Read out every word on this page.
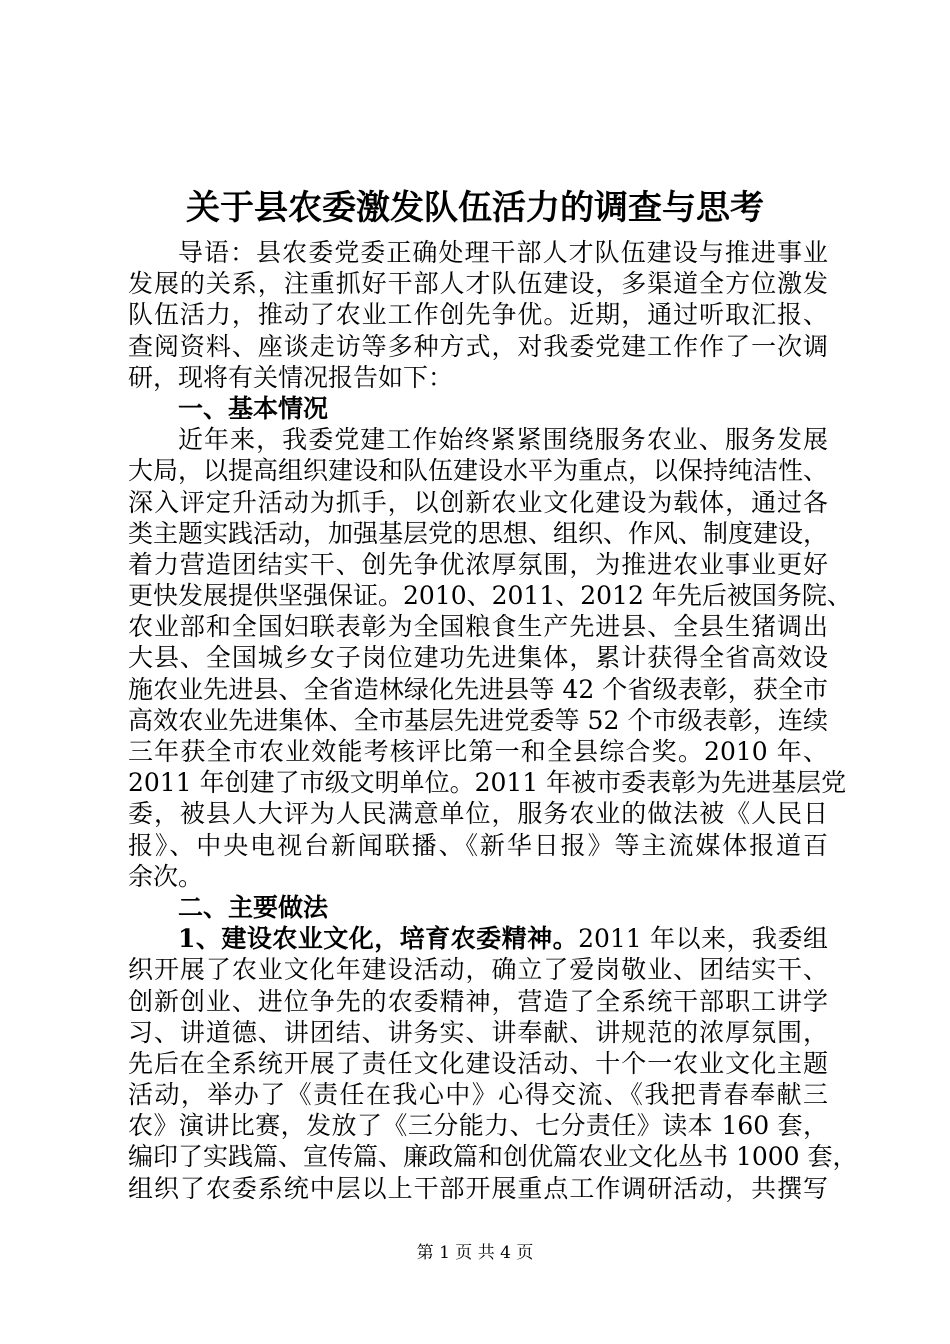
关于县农委激发队伍活力的调查与思考
导语：县农委党委正确处理干部人才队伍建设与推进事业
发展的关系，注重抓好干部人才队伍建设，多渠道全方位激发
队伍活力，推动了农业工作创先争优。近期，通过听取汇报、
查阅资料、座谈走访等多种方式，对我委党建工作作了一次调
研，现将有关情况报告如下：
一、基本情况
近年来，我委党建工作始终紧紧围绕服务农业、服务发展
大局，以提高组织建设和队伍建设水平为重点，以保持纯洁性、
深入评定升活动为抓手，以创新农业文化建设为载体，通过各
类主题实践活动，加强基层党的思想、组织、作风、制度建设，
着力营造团结实干、创先争优浓厚氛围，为推进农业事业更好
更快发展提供坚强保证。2010、2011、2012 年先后被国务院、
农业部和全国妇联表彰为全国粮食生产先进县、全县生猪调出
大县、全国城乡女子岗位建功先进集体，累计获得全省高效设
施农业先进县、全省造林绿化先进县等 42 个省级表彰，获全市
高效农业先进集体、全市基层先进党委等 52 个市级表彰，连续
三年获全市农业效能考核评比第一和全县综合奖。2010 年、
2011 年创建了市级文明单位。2011 年被市委表彰为先进基层党
委，被县人大评为人民满意单位，服务农业的做法被《人民日
报》、中央电视台新闻联播、《新华日报》等主流媒体报道百
余次。
二、主要做法
1、建设农业文化，培育农委精神。2011 年以来，我委组
织开展了农业文化年建设活动，确立了爱岗敬业、团结实干、
创新创业、进位争先的农委精神，营造了全系统干部职工讲学
习、讲道德、讲团结、讲务实、讲奉献、讲规范的浓厚氛围，
先后在全系统开展了责任文化建设活动、十个一农业文化主题
活动，举办了《责任在我心中》心得交流、《我把青春奉献三
农》演讲比赛，发放了《三分能力、七分责任》读本 160 套，
编印了实践篇、宣传篇、廉政篇和创优篇农业文化丛书 1000 套，
组织了农委系统中层以上干部开展重点工作调研活动，共撰写
第 1 页 共 4 页
